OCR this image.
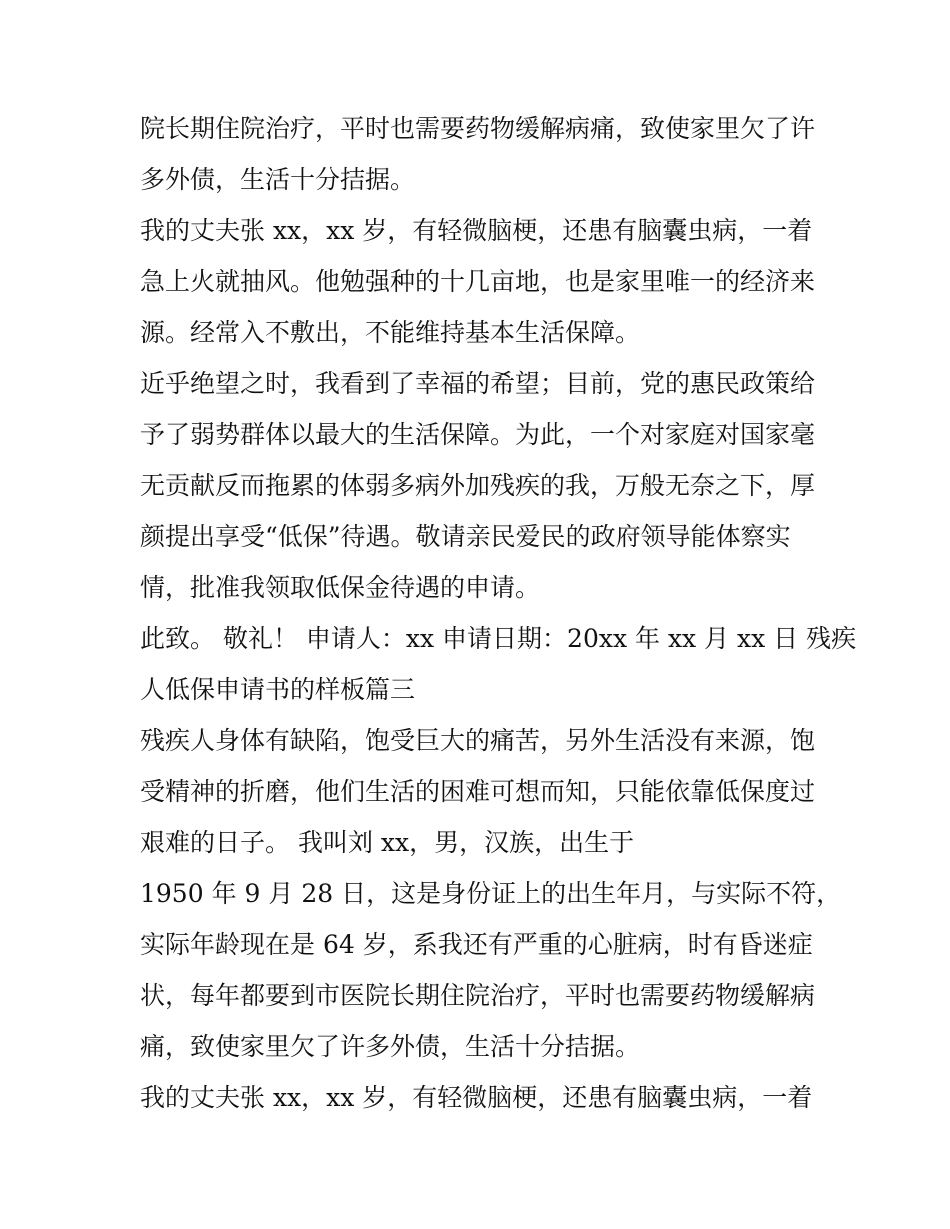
院长期住院治疗，平时也需要药物缓解病痛，致使家里欠了许
多外债，生活十分拮据。
我的丈夫张 xx，xx 岁，有轻微脑梗，还患有脑囊虫病，一着
急上火就抽风。他勉强种的十几亩地，也是家里唯一的经济来
源。经常入不敷出，不能维持基本生活保障。
近乎绝望之时，我看到了幸福的希望；目前，党的惠民政策给
予了弱势群体以最大的生活保障。为此，一个对家庭对国家毫
无贡献反而拖累的体弱多病外加残疾的我，万般无奈之下，厚
颜提出享受“低保”待遇。敬请亲民爱民的政府领导能体察实
情，批准我领取低保金待遇的申请。
此致。 敬礼！ 申请人：xx 申请日期：20xx 年 xx 月 xx 日 残疾
人低保申请书的样板篇三
残疾人身体有缺陷，饱受巨大的痛苦，另外生活没有来源，饱
受精神的折磨，他们生活的困难可想而知，只能依靠低保度过
艰难的日子。 我叫刘 xx，男，汉族，出生于
1950 年 9 月 28 日，这是身份证上的出生年月，与实际不符，
实际年龄现在是 64 岁，系我还有严重的心脏病，时有昏迷症
状，每年都要到市医院长期住院治疗，平时也需要药物缓解病
痛，致使家里欠了许多外债，生活十分拮据。
我的丈夫张 xx，xx 岁，有轻微脑梗，还患有脑囊虫病，一着
